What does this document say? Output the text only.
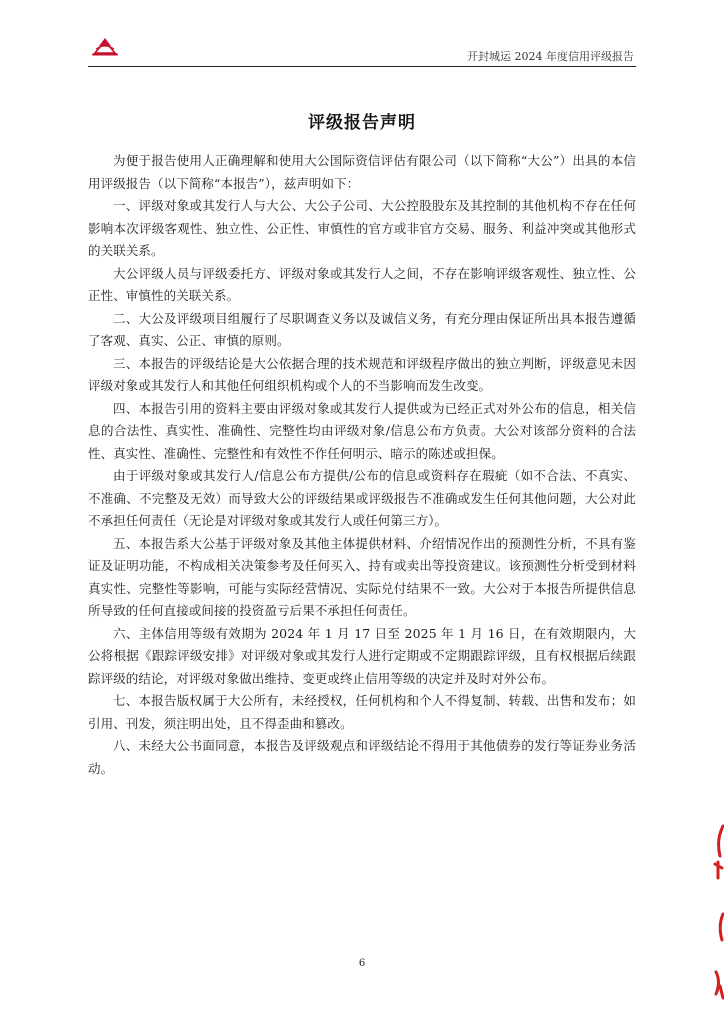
开封城运 2024 年度信用评级报告
评级报告声明

为便于报告使用人正确理解和使用大公国际资信评估有限公司（以下简称“大公”）出具的本信用评级报告（以下简称“本报告”），兹声明如下：

一、评级对象或其发行人与大公、大公子公司、大公控股股东及其控制的其他机构不存在任何影响本次评级客观性、独立性、公正性、审慎性的官方或非官方交易、服务、利益冲突或其他形式的关联关系。

大公评级人员与评级委托方、评级对象或其发行人之间，不存在影响评级客观性、独立性、公正性、审慎性的关联关系。

二、大公及评级项目组履行了尽职调查义务以及诚信义务，有充分理由保证所出具本报告遵循了客观、真实、公正、审慎的原则。

三、本报告的评级结论是大公依据合理的技术规范和评级程序做出的独立判断，评级意见未因评级对象或其发行人和其他任何组织机构或个人的不当影响而发生改变。

四、本报告引用的资料主要由评级对象或其发行人提供或为已经正式对外公布的信息，相关信息的合法性、真实性、准确性、完整性均由评级对象/信息公布方负责。大公对该部分资料的合法性、真实性、准确性、完整性和有效性不作任何明示、暗示的陈述或担保。

由于评级对象或其发行人/信息公布方提供/公布的信息或资料存在瑕疵（如不合法、不真实、不准确、不完整及无效）而导致大公的评级结果或评级报告不准确或发生任何其他问题，大公对此不承担任何责任（无论是对评级对象或其发行人或任何第三方）。

五、本报告系大公基于评级对象及其他主体提供材料、介绍情况作出的预测性分析，不具有鉴证及证明功能，不构成相关决策参考及任何买入、持有或卖出等投资建议。该预测性分析受到材料真实性、完整性等影响，可能与实际经营情况、实际兑付结果不一致。大公对于本报告所提供信息所导致的任何直接或间接的投资盈亏后果不承担任何责任。

六、主体信用等级有效期为 2024 年 1 月 17 日至 2025 年 1 月 16 日，在有效期限内，大公将根据《跟踪评级安排》对评级对象或其发行人进行定期或不定期跟踪评级，且有权根据后续跟踪评级的结论，对评级对象做出维持、变更或终止信用等级的决定并及时对外公布。

七、本报告版权属于大公所有，未经授权，任何机构和个人不得复制、转载、出售和发布；如引用、刊发，须注明出处，且不得歪曲和篡改。

八、未经大公书面同意，本报告及评级观点和评级结论不得用于其他债券的发行等证券业务活动。

6
